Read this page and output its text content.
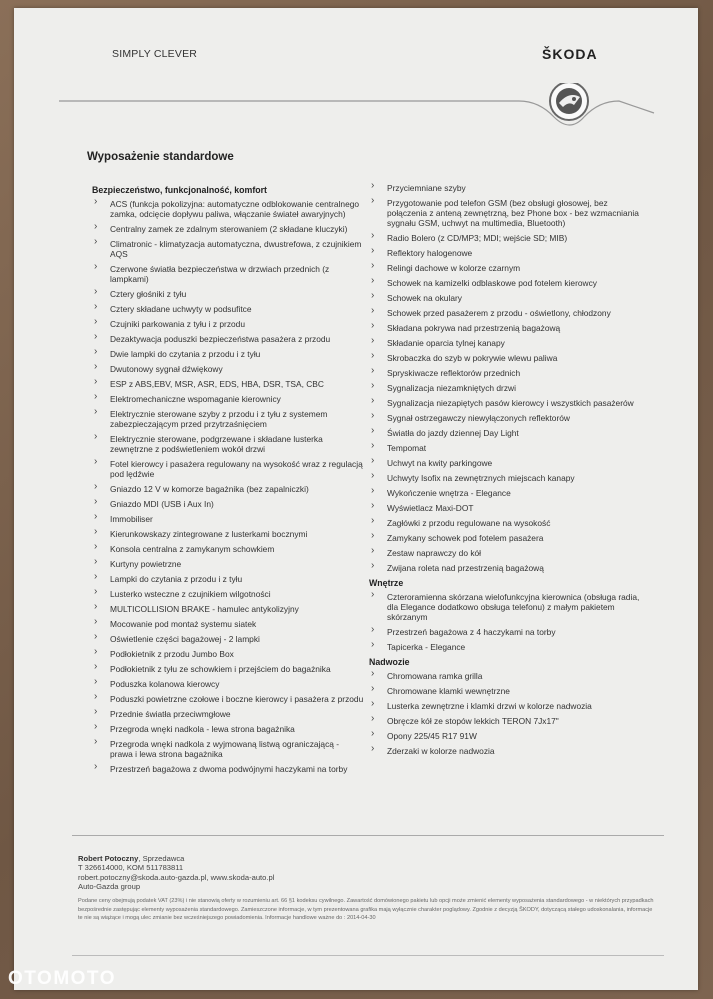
SIMPLY CLEVER	ŠKODA
Wyposażenie standardowe
Bezpieczeństwo, funkcjonalność, komfort
› ACS (funkcja pokolizyjna: automatyczne odblokowanie centralnego zamka, odcięcie dopływu paliwa, włączanie świateł awaryjnych)
› Centralny zamek ze zdalnym sterowaniem (2 składane kluczyki)
› Climatronic - klimatyzacja automatyczna, dwustrefowa, z czujnikiem AQS
› Czerwone światła bezpieczeństwa w drzwiach przednich (z lampkami)
› Cztery głośniki z tyłu
› Cztery składane uchwyty w podsufitce
› Czujniki parkowania z tyłu i z przodu
› Dezaktywacja poduszki bezpieczeństwa pasażera z przodu
› Dwie lampki do czytania z przodu i z tyłu
› Dwutonowy sygnał dźwiękowy
› ESP z ABS,EBV, MSR, ASR, EDS, HBA, DSR, TSA, CBC
› Elektromechaniczne wspomaganie kierownicy
› Elektrycznie sterowane szyby z przodu i z tyłu z systemem zabezpieczającym przed przytrzaśnięciem
› Elektrycznie sterowane, podgrzewane i składane lusterka zewnętrzne z podświetleniem wokół drzwi
› Fotel kierowcy i pasażera regulowany na wysokość wraz z regulacją pod lędźwie
› Gniazdo 12 V w komorze bagażnika (bez zapalniczki)
› Gniazdo MDI (USB i Aux In)
› Immobiliser
› Kierunkowskazy zintegrowane z lusterkami bocznymi
› Konsola centralna z zamykanym schowkiem
› Kurtyny powietrzne
› Lampki do czytania z przodu i z tyłu
› Lusterko wsteczne z czujnikiem wilgotności
› MULTICOLLISION BRAKE - hamulec antykolizyjny
› Mocowanie pod montaż systemu siatek
› Oświetlenie części bagażowej - 2 lampki
› Podłokietnik z przodu Jumbo Box
› Podłokietnik z tyłu ze schowkiem i przejściem do bagażnika
› Poduszka kolanowa kierowcy
› Poduszki powietrzne czołowe i boczne kierowcy i pasażera z przodu
› Przednie światła przeciwmgłowe
› Przegroda wnęki nadkola - lewa strona bagażnika
› Przegroda wnęki nadkola z wyjmowaną listwą ograniczającą - prawa i lewa strona bagażnika
› Przestrzeń bagażowa z dwoma podwójnymi haczykami na torby
› Przyciemniane szyby
› Przygotowanie pod telefon GSM (bez obsługi głosowej, bez połączenia z anteną zewnętrzną, bez Phone box - bez wzmacniania sygnału GSM, uchwyt na multimedia, Bluetooth)
› Radio Bolero (z CD/MP3; MDI; wejście SD; MIB)
› Reflektory halogenowe
› Relingi dachowe w kolorze czarnym
› Schowek na kamizelki odblaskowe pod fotelem kierowcy
› Schowek na okulary
› Schowek przed pasażerem z przodu - oświetlony, chłodzony
› Składana pokrywa nad przestrzenią bagażową
› Składanie oparcia tylnej kanapy
› Skrobaczka do szyb w pokrywie wlewu paliwa
› Spryskiwacze reflektorów przednich
› Sygnalizacja niezamkniętych drzwi
› Sygnalizacja niezapiętych pasów kierowcy i wszystkich pasażerów
› Sygnał ostrzegawczy niewyłączonych reflektorów
› Światła do jazdy dziennej Day Light
› Tempomat
› Uchwyt na kwity parkingowe
› Uchwyty Isofix na zewnętrznych miejscach kanapy
› Wykończenie wnętrza - Elegance
› Wyświetlacz Maxi-DOT
› Zagłówki z przodu regulowane na wysokość
› Zamykany schowek pod fotelem pasażera
› Zestaw naprawczy do kół
› Zwijana roleta nad przestrzenią bagażową
Wnętrze
› Czteroramienna skórzana wielofunkcyjna kierownica (obsługa radia, dla Elegance dodatkowo obsługa telefonu) z małym pakietem skórzanym
› Przestrzeń bagażowa z 4 haczykami na torby
› Tapicerka - Elegance
Nadwozie
› Chromowana ramka grilla
› Chromowane klamki wewnętrzne
› Lusterka zewnętrzne i klamki drzwi w kolorze nadwozia
› Obręcze kół ze stopów lekkich TERON 7Jx17"
› Opony 225/45 R17 91W
› Zderzaki w kolorze nadwozia
Robert Potoczny, Sprzedawca
T 326614000, KOM 511783811
robert.potoczny@skoda.auto-gazda.pl, www.skoda-auto.pl
Auto-Gazda group
Podane ceny obejmują podatek VAT (23%) i nie stanowią oferty w rozumieniu art. 66 §1 kodeksu cywilnego. Zawartość domówionego pakietu lub opcji może zmienić elementy wyposażenia standardowego - w niektórych przypadkach bezpośrednie zastępując elementy wyposażenia standardowego. Zamieszczone informacje, w tym prezentowana grafika mają wyłącznie charakter poglądowy. Zgodnie z decyzją ŠKODY, dotyczącą stałego udoskonalania, informacje te nie są wiążące i mogą ulec zmianie bez wcześniejszego powiadomienia. Informacje handlowe ważne do : 2014-04-30
OTOMOTO
